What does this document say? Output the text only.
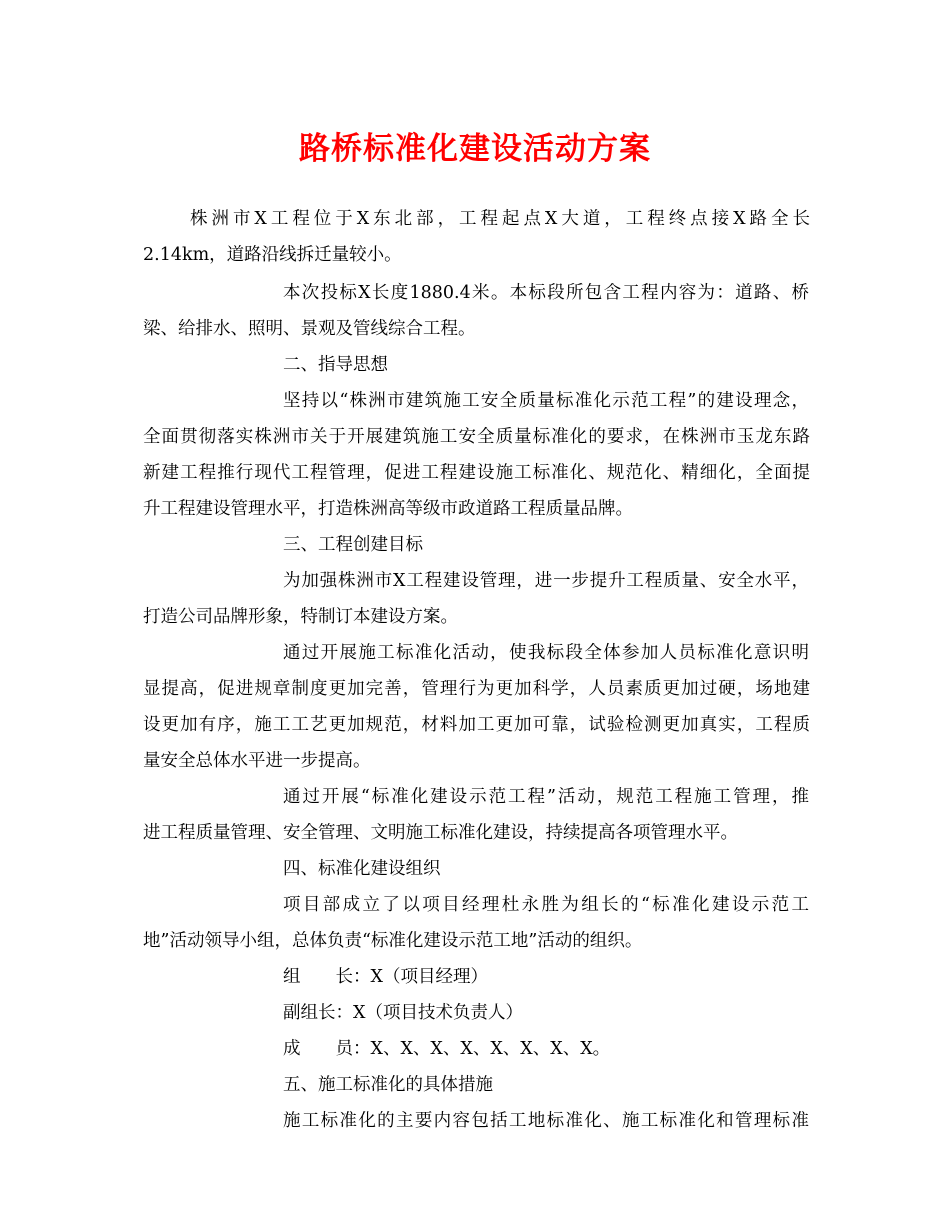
路桥标准化建设活动方案

株洲市X工程位于X东北部，工程起点X大道，工程终点接X路全长

2.14km，道路沿线拆迁量较小。

本次投标X长度1880.4米。本标段所包含工程内容为：道路、桥

梁、给排水、照明、景观及管线综合工程。

二、指导思想

坚持以“株洲市建筑施工安全质量标准化示范工程”的建设理念，

全面贯彻落实株洲市关于开展建筑施工安全质量标准化的要求，在株洲市玉龙东路

新建工程推行现代工程管理，促进工程建设施工标准化、规范化、精细化，全面提

升工程建设管理水平，打造株洲高等级市政道路工程质量品牌。

三、工程创建目标

为加强株洲市X工程建设管理，进一步提升工程质量、安全水平，

打造公司品牌形象，特制订本建设方案。

通过开展施工标准化活动，使我标段全体参加人员标准化意识明

显提高，促进规章制度更加完善，管理行为更加科学，人员素质更加过硬，场地建

设更加有序，施工工艺更加规范，材料加工更加可靠，试验检测更加真实，工程质

量安全总体水平进一步提高。

通过开展“标准化建设示范工程”活动，规范工程施工管理，推

进工程质量管理、安全管理、文明施工标准化建设，持续提高各项管理水平。

四、标准化建设组织

项目部成立了以项目经理杜永胜为组长的“标准化建设示范工

地”活动领导小组，总体负责“标准化建设示范工地”活动的组织。

组　　长：X（项目经理）

副组长：X（项目技术负责人）

成　　员：X、X、X、X、X、X、X、X。

五、施工标准化的具体措施

施工标准化的主要内容包括工地标准化、施工标准化和管理标准
